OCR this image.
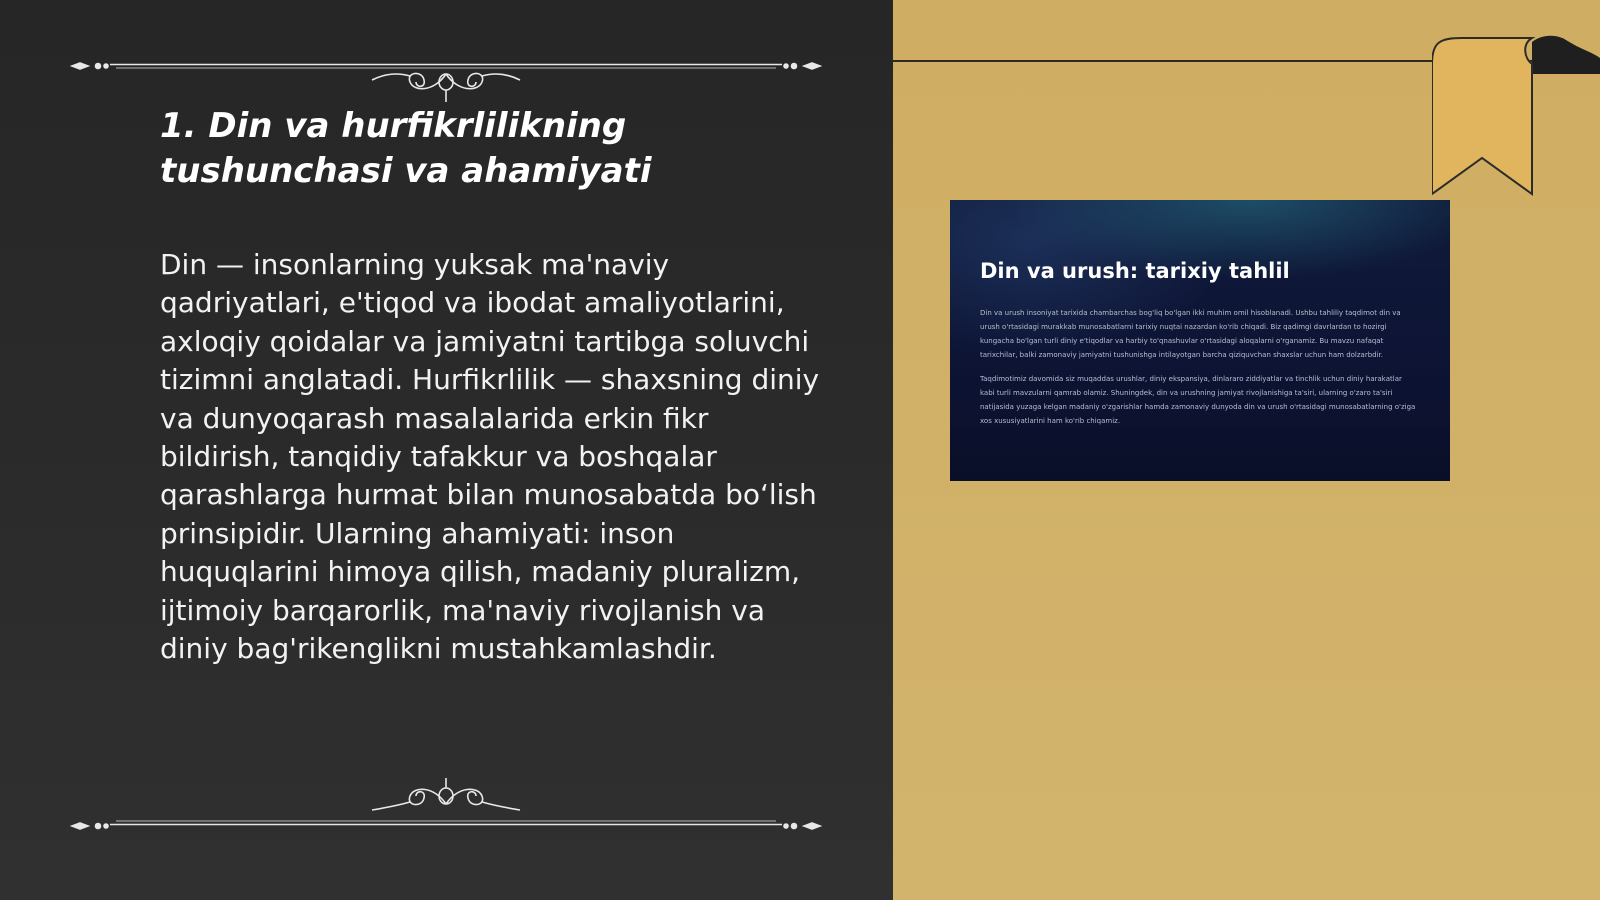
1. Din va hurfikrlilikning tushunchasi va ahamiyati

Din — insonlarning yuksak ma'naviy qadriyatlari, e'tiqod va ibodat amaliyotlarini, axloqiy qoidalar va jamiyatni tartibga soluvchi tizimni anglatadi. Hurfikrlilik — shaxsning diniy va dunyoqarash masalalarida erkin fikr bildirish, tanqidiy tafakkur va boshqalar qarashlarga hurmat bilan munosabatda bo‘lish prinsipidir. Ularning ahamiyati: inson huquqlarini himoya qilish, madaniy pluralizm, ijtimoiy barqarorlik, ma'naviy rivojlanish va diniy bag'rikenglikni mustahkamlashdir.

Din va urush: tarixiy tahlil

Din va urush insoniyat tarixida chambarchas bog'liq bo'lgan ikki muhim omil hisoblanadi. Ushbu tahliliy taqdimot din va urush o'rtasidagi murakkab munosabatlarni tarixiy nuqtai nazardan ko'rib chiqadi. Biz qadimgi davrlardan to hozirgi kungacha bo'lgan turli diniy e'tiqodlar va harbiy to'qnashuvlar o'rtasidagi aloqalarni o'rganamiz. Bu mavzu nafaqat tarixchilar, balki zamonaviy jamiyatni tushunishga intilayotgan barcha qiziquvchan shaxslar uchun ham dolzarbdir.

Taqdimotimiz davomida siz muqaddas urushlar, diniy ekspansiya, dinlararo ziddiyatlar va tinchlik uchun diniy harakatlar kabi turli mavzularni qamrab olamiz. Shuningdek, din va urushning jamiyat rivojlanishiga ta'siri, ularning o'zaro ta'siri natijasida yuzaga kelgan madaniy o'zgarishlar hamda zamonaviy dunyoda din va urush o'rtasidagi munosabatlarning o'ziga xos xususiyatlarini ham ko'rib chiqamiz.
